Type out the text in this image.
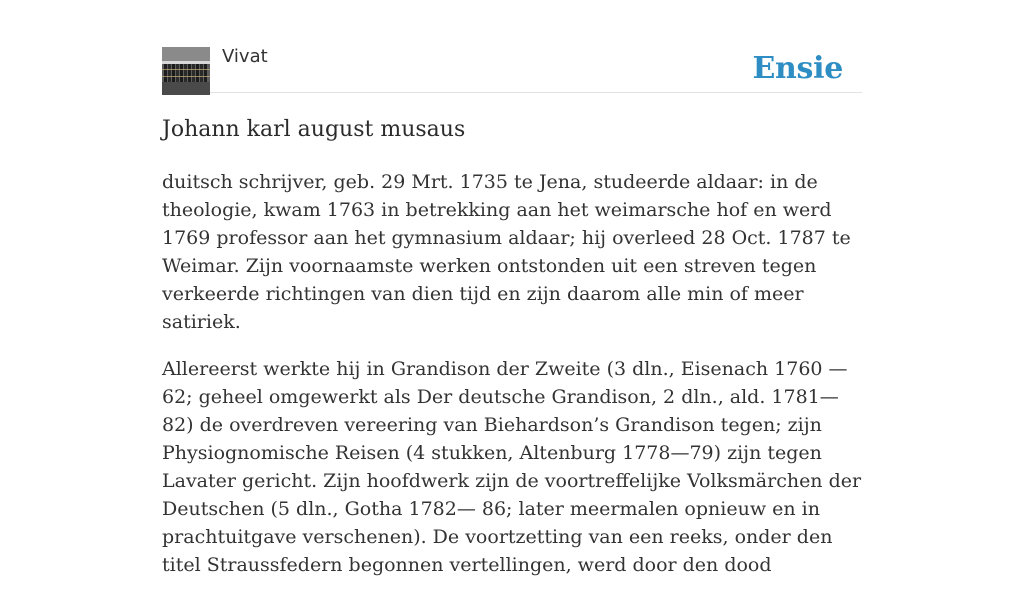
Vivat	Ensie
Johann karl august musaus

duitsch schrijver, geb. 29 Mrt. 1735 te Jena, studeerde aldaar: in de theologie, kwam 1763 in betrekking aan het weimarsche hof en werd 1769 professor aan het gymnasium aldaar; hij overleed 28 Oct. 1787 te Weimar. Zijn voornaamste werken ontstonden uit een streven tegen verkeerde richtingen van dien tijd en zijn daarom alle min of meer satiriek.

Allereerst werkte hij in Grandison der Zweite (3 dln., Eisenach 1760 —62; geheel omgewerkt als Der deutsche Grandison, 2 dln., ald. 1781—82) de overdreven vereering van Biehardson’s Grandison tegen; zijn Physiognomische Reisen (4 stukken, Altenburg 1778—79) zijn tegen Lavater gericht. Zijn hoofdwerk zijn de voortreffelijke Volksmärchen der Deutschen (5 dln., Gotha 1782— 86; later meermalen opnieuw en in prachtuitgave verschenen). De voortzetting van een reeks, onder den titel Straussfedern begonnen vertellingen, werd door den dood
